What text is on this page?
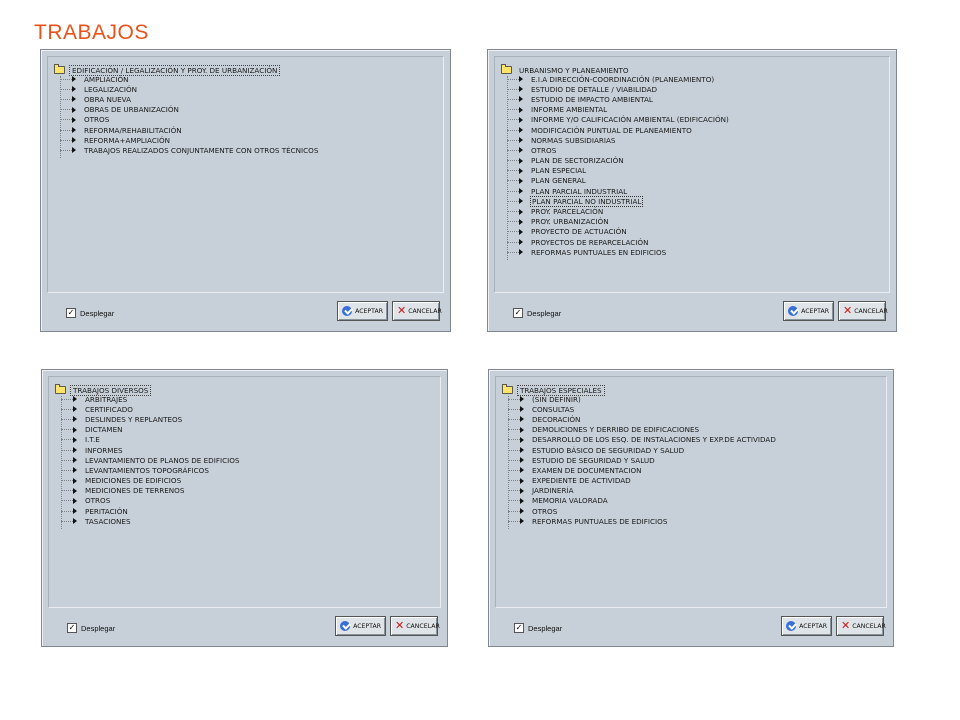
TRABAJOS
EDIFICACIÓN / LEGALIZACIÓN Y PROY. DE URBANIZACIÓN
AMPLIACIÓN
LEGALIZACIÓN
OBRA NUEVA
OBRAS DE URBANIZACIÓN
OTROS
REFORMA/REHABILITACIÓN
REFORMA+AMPLIACIÓN
TRABAJOS REALIZADOS CONJUNTAMENTE CON OTROS TÉCNICOS
✓ Desplegar	ACEPTAR ✕ CANCELAR
URBANISMO Y PLANEAMIENTO
E.I.A DIRECCIÓN-COORDINACIÓN (PLANEAMIENTO)
ESTUDIO DE DETALLE / VIABILIDAD
ESTUDIO DE IMPACTO AMBIENTAL
INFORME AMBIENTAL
INFORME Y/O CALIFICACIÓN AMBIENTAL (EDIFICACIÓN)
MODIFICACIÓN PUNTUAL DE PLANEAMIENTO
NORMAS SUBSIDIARIAS
OTROS
PLAN DE SECTORIZACIÓN
PLAN ESPECIAL
PLAN GENERAL
PLAN PARCIAL INDUSTRIAL
PLAN PARCIAL NO INDUSTRIAL
PROY. PARCELACIÓN
PROY. URBANIZACIÓN
PROYECTO DE ACTUACIÓN
PROYECTOS DE REPARCELACIÓN
REFORMAS PUNTUALES EN EDIFICIOS
✓ Desplegar	ACEPTAR ✕ CANCELAR
TRABAJOS DIVERSOS
ARBITRAJES
CERTIFICADO
DESLINDES Y REPLANTEOS
DICTAMEN
I.T.E
INFORMES
LEVANTAMIENTO DE PLANOS DE EDIFICIOS
LEVANTAMIENTOS TOPOGRÁFICOS
MEDICIONES DE EDIFICIOS
MEDICIONES DE TERRENOS
OTROS
PERITACIÓN
TASACIONES
✓ Desplegar	ACEPTAR ✕ CANCELAR
TRABAJOS ESPECIALES
(SIN DEFINIR)
CONSULTAS
DECORACIÓN
DEMOLICIONES Y DERRIBO DE EDIFICACIONES
DESARROLLO DE LOS ESQ. DE INSTALACIONES Y EXP.DE ACTIVIDAD
ESTUDIO BÁSICO DE SEGURIDAD Y SALUD
ESTUDIO DE SEGURIDAD Y SALUD
EXAMEN DE DOCUMENTACION
EXPEDIENTE DE ACTIVIDAD
JARDINERÍA
MEMORIA VALORADA
OTROS
REFORMAS PUNTUALES DE EDIFICIOS
✓ Desplegar	ACEPTAR ✕ CANCELAR
